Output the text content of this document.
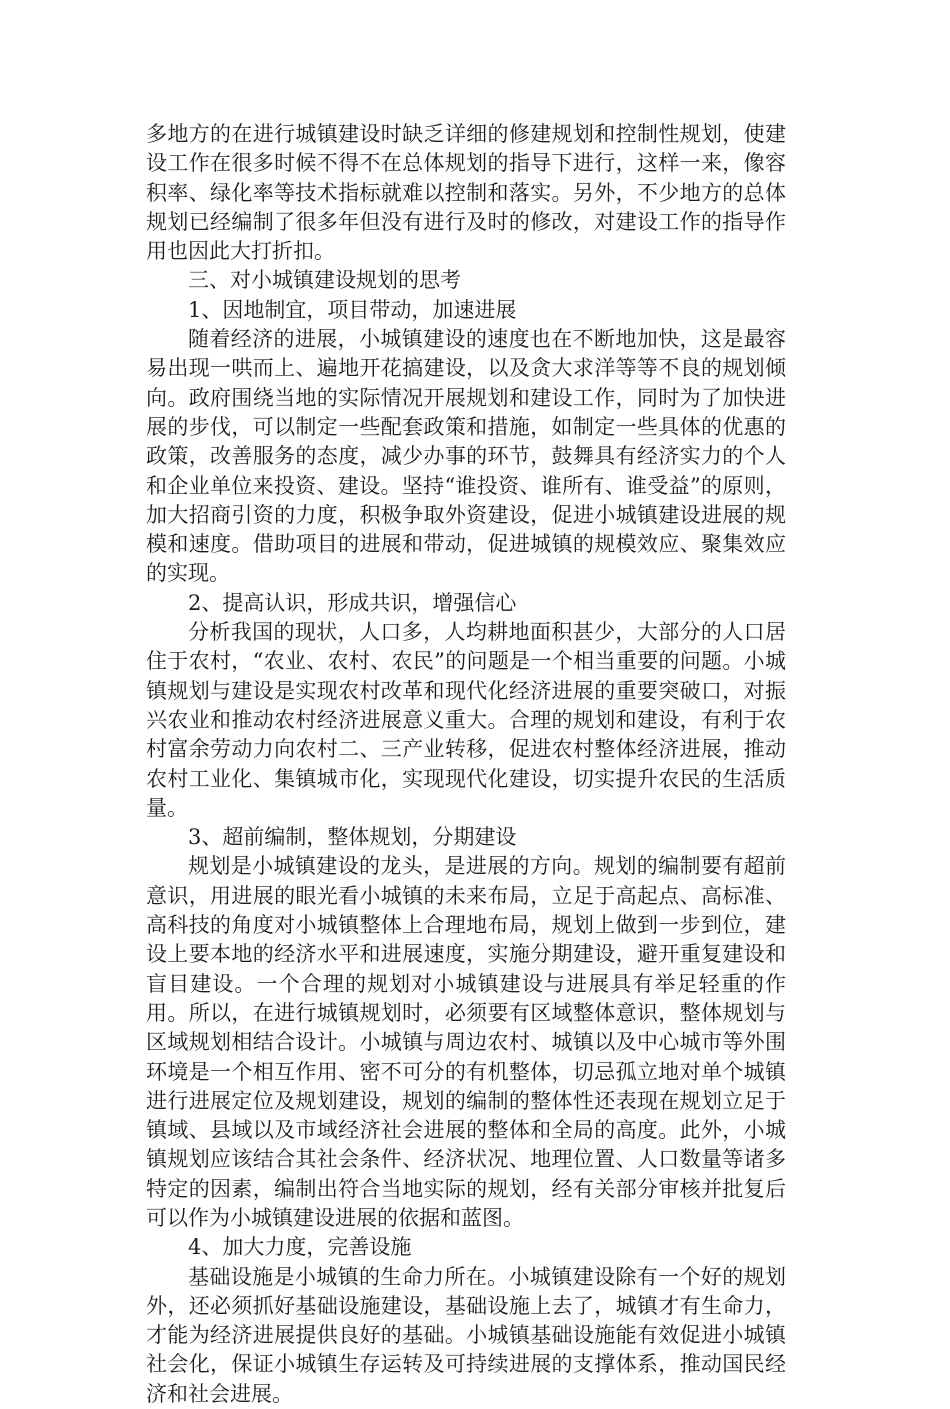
多地方的在进行城镇建设时缺乏详细的修建规划和控制性规划，使建设工作在很多时候不得不在总体规划的指导下进行，这样一来，像容积率、绿化率等技术指标就难以控制和落实。另外，不少地方的总体规划已经编制了很多年但没有进行及时的修改，对建设工作的指导作用也因此大打折扣。

三、对小城镇建设规划的思考

1、因地制宜，项目带动，加速进展

随着经济的进展，小城镇建设的速度也在不断地加快，这是最容易出现一哄而上、遍地开花搞建设，以及贪大求洋等等不良的规划倾向。政府围绕当地的实际情况开展规划和建设工作，同时为了加快进展的步伐，可以制定一些配套政策和措施，如制定一些具体的优惠的政策，改善服务的态度，减少办事的环节，鼓舞具有经济实力的个人和企业单位来投资、建设。坚持“谁投资、谁所有、谁受益”的原则，加大招商引资的力度，积极争取外资建设，促进小城镇建设进展的规模和速度。借助项目的进展和带动，促进城镇的规模效应、聚集效应的实现。

2、提高认识，形成共识，增强信心

分析我国的现状，人口多，人均耕地面积甚少，大部分的人口居住于农村，“农业、农村、农民”的问题是一个相当重要的问题。小城镇规划与建设是实现农村改革和现代化经济进展的重要突破口，对振兴农业和推动农村经济进展意义重大。合理的规划和建设，有利于农村富余劳动力向农村二、三产业转移，促进农村整体经济进展，推动农村工业化、集镇城市化，实现现代化建设，切实提升农民的生活质量。

3、超前编制，整体规划，分期建设

规划是小城镇建设的龙头，是进展的方向。规划的编制要有超前意识，用进展的眼光看小城镇的未来布局，立足于高起点、高标准、高科技的角度对小城镇整体上合理地布局，规划上做到一步到位，建设上要本地的经济水平和进展速度，实施分期建设，避开重复建设和盲目建设。一个合理的规划对小城镇建设与进展具有举足轻重的作用。所以，在进行城镇规划时，必须要有区域整体意识，整体规划与区域规划相结合设计。小城镇与周边农村、城镇以及中心城市等外围环境是一个相互作用、密不可分的有机整体，切忌孤立地对单个城镇进行进展定位及规划建设，规划的编制的整体性还表现在规划立足于镇域、县域以及市域经济社会进展的整体和全局的高度。此外，小城镇规划应该结合其社会条件、经济状况、地理位置、人口数量等诸多特定的因素，编制出符合当地实际的规划，经有关部分审核并批复后可以作为小城镇建设进展的依据和蓝图。

4、加大力度，完善设施

基础设施是小城镇的生命力所在。小城镇建设除有一个好的规划外，还必须抓好基础设施建设，基础设施上去了，城镇才有生命力，才能为经济进展提供良好的基础。小城镇基础设施能有效促进小城镇社会化，保证小城镇生存运转及可持续进展的支撑体系，推动国民经济和社会进展。
